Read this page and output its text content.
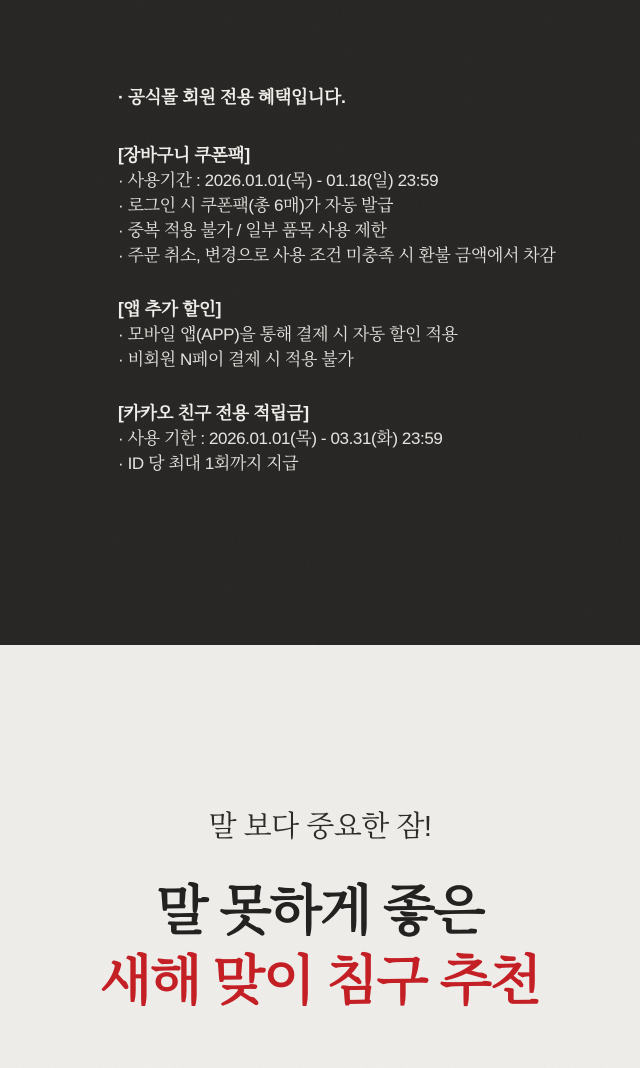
· 공식몰 회원 전용 혜택입니다.

[장바구니 쿠폰팩]

· 사용기간 : 2026.01.01(목) - 01.18(일) 23:59

· 로그인 시 쿠폰팩(총 6매)가 자동 발급

· 중복 적용 불가 / 일부 품목 사용 제한

· 주문 취소, 변경으로 사용 조건 미충족 시 환불 금액에서 차감

[앱 추가 할인]

· 모바일 앱(APP)을 통해 결제 시 자동 할인 적용

· 비회원 N페이 결제 시 적용 불가

[카카오 친구 전용 적립금]

· 사용 기한 : 2026.01.01(목) - 03.31(화) 23:59

· ID 당 최대 1회까지 지급

말 보다 중요한 잠!

말 못하게 좋은
새해 맞이 침구 추천
